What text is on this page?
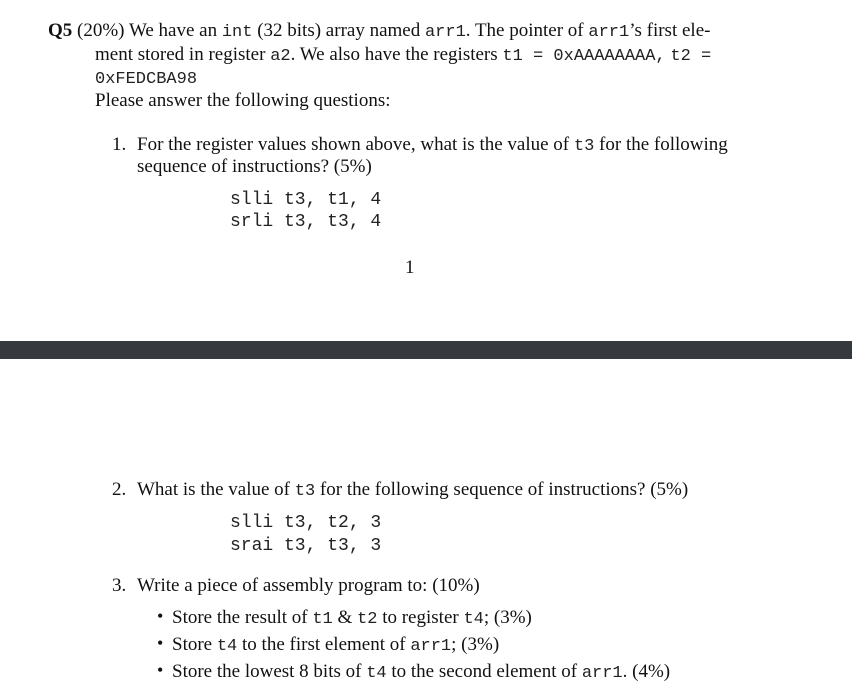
Q5 (20%) We have an int (32 bits) array named arr1. The pointer of arr1’s first ele-
ment stored in register a2. We also have the registers t1 = 0xAAAAAAAA, t2 =
0xFEDCBA98
Please answer the following questions:
1. For the register values shown above, what is the value of t3 for the following
sequence of instructions? (5%)
slli t3, t1, 4
srli t3, t3, 4
1
2. What is the value of t3 for the following sequence of instructions? (5%)
slli t3, t2, 3
srai t3, t3, 3
3. Write a piece of assembly program to: (10%)
• Store the result of t1 & t2 to register t4; (3%)
• Store t4 to the first element of arr1; (3%)
• Store the lowest 8 bits of t4 to the second element of arr1. (4%)
